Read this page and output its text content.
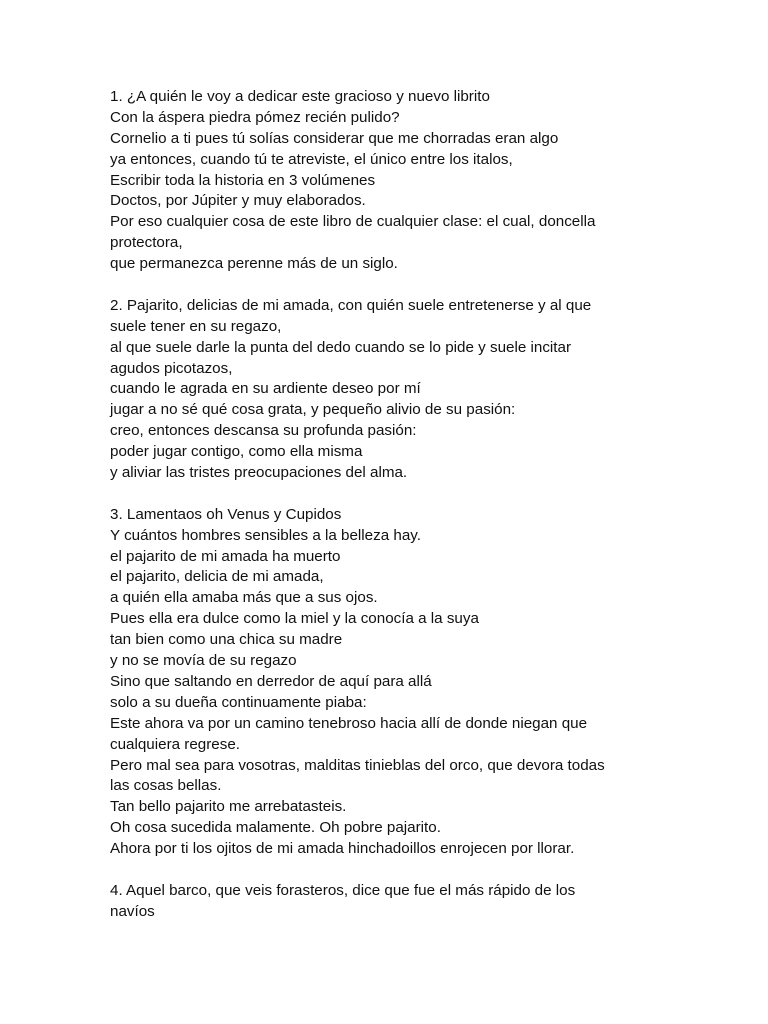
1. ¿A quién le voy a dedicar este gracioso y nuevo librito
Con la áspera piedra pómez recién pulido?
Cornelio a ti pues tú solías considerar que me chorradas eran algo
ya entonces, cuando tú te atreviste, el único entre los italos,
Escribir toda la historia en 3 volúmenes
Doctos, por Júpiter y muy elaborados.
Por eso cualquier cosa de este libro de cualquier clase: el cual, doncella
protectora,
que permanezca perenne más de un siglo.
2. Pajarito, delicias de mi amada, con quién suele entretenerse y al que
suele tener en su regazo,
al que suele darle la punta del dedo cuando se lo pide y suele incitar
agudos picotazos,
cuando le agrada en su ardiente deseo por mí
jugar a no sé qué cosa grata, y pequeño alivio de su pasión:
creo, entonces descansa su profunda pasión:
poder jugar contigo, como ella misma
y aliviar las tristes preocupaciones del alma.
3. Lamentaos oh Venus y Cupidos
Y cuántos hombres sensibles a la belleza hay.
el pajarito de mi amada ha muerto
el pajarito, delicia de mi amada,
a quién ella amaba más que a sus ojos.
Pues ella era dulce como la miel y la conocía a la suya
tan bien como una chica su madre
y no se movía de su regazo
Sino que saltando en derredor de aquí para allá
solo a su dueña continuamente piaba:
Este ahora va por un camino tenebroso hacia allí de donde niegan que
cualquiera regrese.
Pero mal sea para vosotras, malditas tinieblas del orco, que devora todas
las cosas bellas.
Tan bello pajarito me arrebatasteis.
Oh cosa sucedida malamente. Oh pobre pajarito.
Ahora por ti los ojitos de mi amada hinchadoillos enrojecen por llorar.
4. Aquel barco, que veis forasteros, dice que fue el más rápido de los
navíos
